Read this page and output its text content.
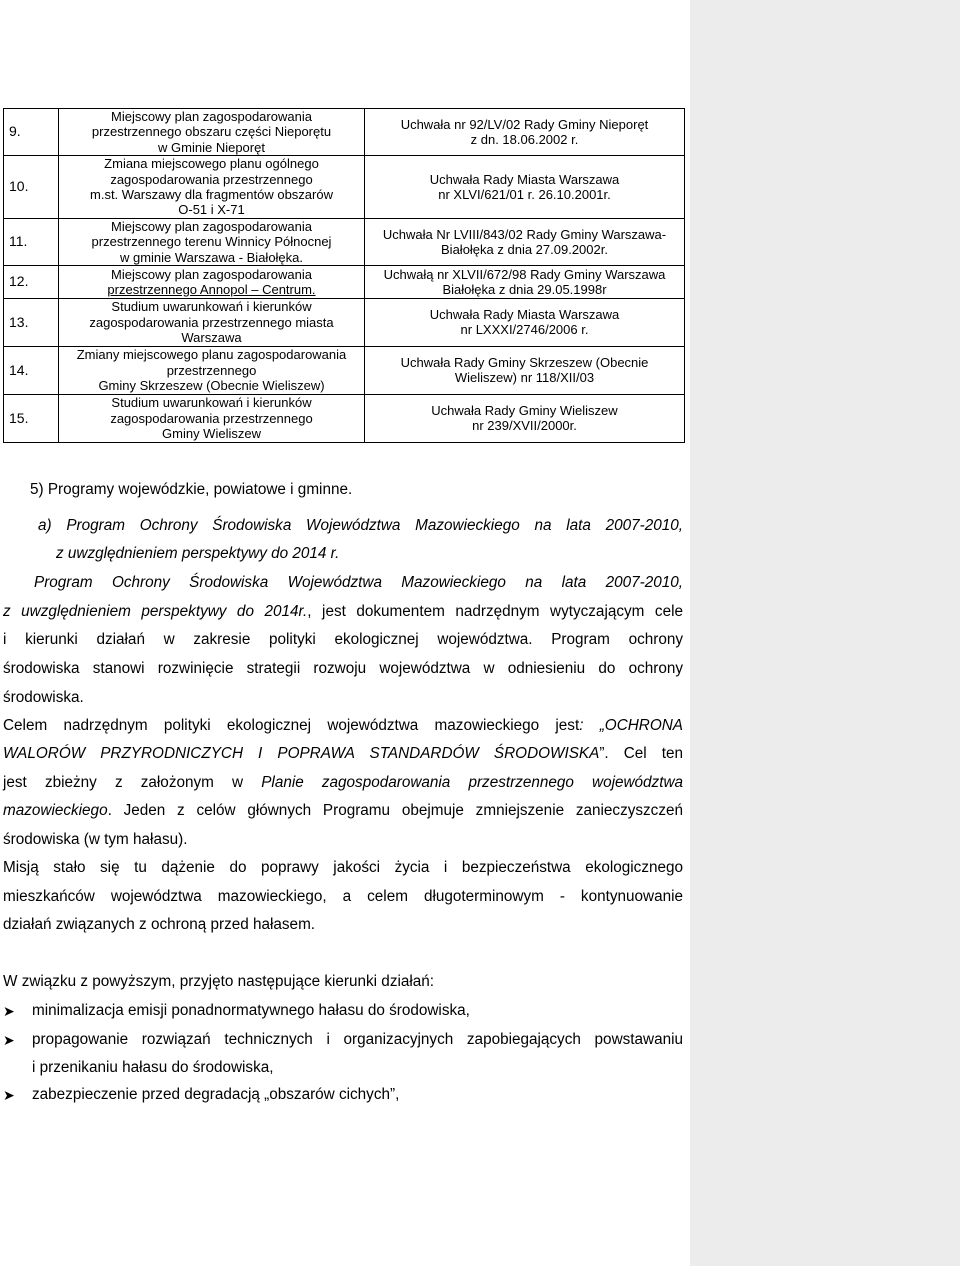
9.	Miejscowy plan zagospodarowania
przestrzennego obszaru części Nieporętu
w Gminie Nieporęt	Uchwała nr 92/LV/02 Rady Gminy Nieporęt
z dn. 18.06.2002 r.

10.	Zmiana miejscowego planu ogólnego
zagospodarowania przestrzennego
m.st. Warszawy dla fragmentów obszarów
O-51 i X-71	Uchwała Rady Miasta Warszawa
nr XLVI/621/01 r. 26.10.2001r.

11.	Miejscowy plan zagospodarowania
przestrzennego terenu Winnicy Północnej
w gminie Warszawa - Białołęka.	Uchwała Nr LVIII/843/02 Rady Gminy Warszawa-
Białołęka z dnia 27.09.2002r.

12.	Miejscowy plan zagospodarowania
przestrzennego Annopol – Centrum.	Uchwałą nr XLVII/672/98 Rady Gminy Warszawa
Białołęka z dnia 29.05.1998r

13.	Studium uwarunkowań i kierunków
zagospodarowania przestrzennego miasta
Warszawa	Uchwała Rady Miasta Warszawa
nr LXXXI/2746/2006 r.

14.	Zmiany miejscowego planu zagospodarowania
przestrzennego
Gminy Skrzeszew (Obecnie Wieliszew)	Uchwała Rady Gminy Skrzeszew (Obecnie
Wieliszew) nr 118/XII/03

15.	Studium uwarunkowań i kierunków
zagospodarowania przestrzennego
Gminy Wieliszew	Uchwała Rady Gminy Wieliszew
nr 239/XVII/2000r.
5) Programy wojewódzkie, powiatowe i gminne.
a) Program Ochrony Środowiska Województwa Mazowieckiego na lata 2007-2010,
z uwzględnieniem perspektywy do 2014 r.
Program Ochrony Środowiska Województwa Mazowieckiego na lata 2007-2010,
z uwzględnieniem perspektywy do 2014r., jest dokumentem nadrzędnym wytyczającym cele
i kierunki działań w zakresie polityki ekologicznej województwa. Program ochrony
środowiska stanowi rozwinięcie strategii rozwoju województwa w odniesieniu do ochrony
środowiska.
Celem nadrzędnym polityki ekologicznej województwa mazowieckiego jest: „OCHRONA
WALORÓW PRZYRODNICZYCH I POPRAWA STANDARDÓW ŚRODOWISKA”. Cel ten
jest zbieżny z założonym w Planie zagospodarowania przestrzennego województwa
mazowieckiego. Jeden z celów głównych Programu obejmuje zmniejszenie zanieczyszczeń
środowiska (w tym hałasu).
Misją stało się tu dążenie do poprawy jakości życia i bezpieczeństwa ekologicznego
mieszkańców województwa mazowieckiego, a celem długoterminowym - kontynuowanie
działań związanych z ochroną przed hałasem.
W związku z powyższym, przyjęto następujące kierunki działań:
➤ minimalizacja emisji ponadnormatywnego hałasu do środowiska,
➤ propagowanie rozwiązań technicznych i organizacyjnych zapobiegających powstawaniu
i przenikaniu hałasu do środowiska,
➤ zabezpieczenie przed degradacją „obszarów cichych”,
